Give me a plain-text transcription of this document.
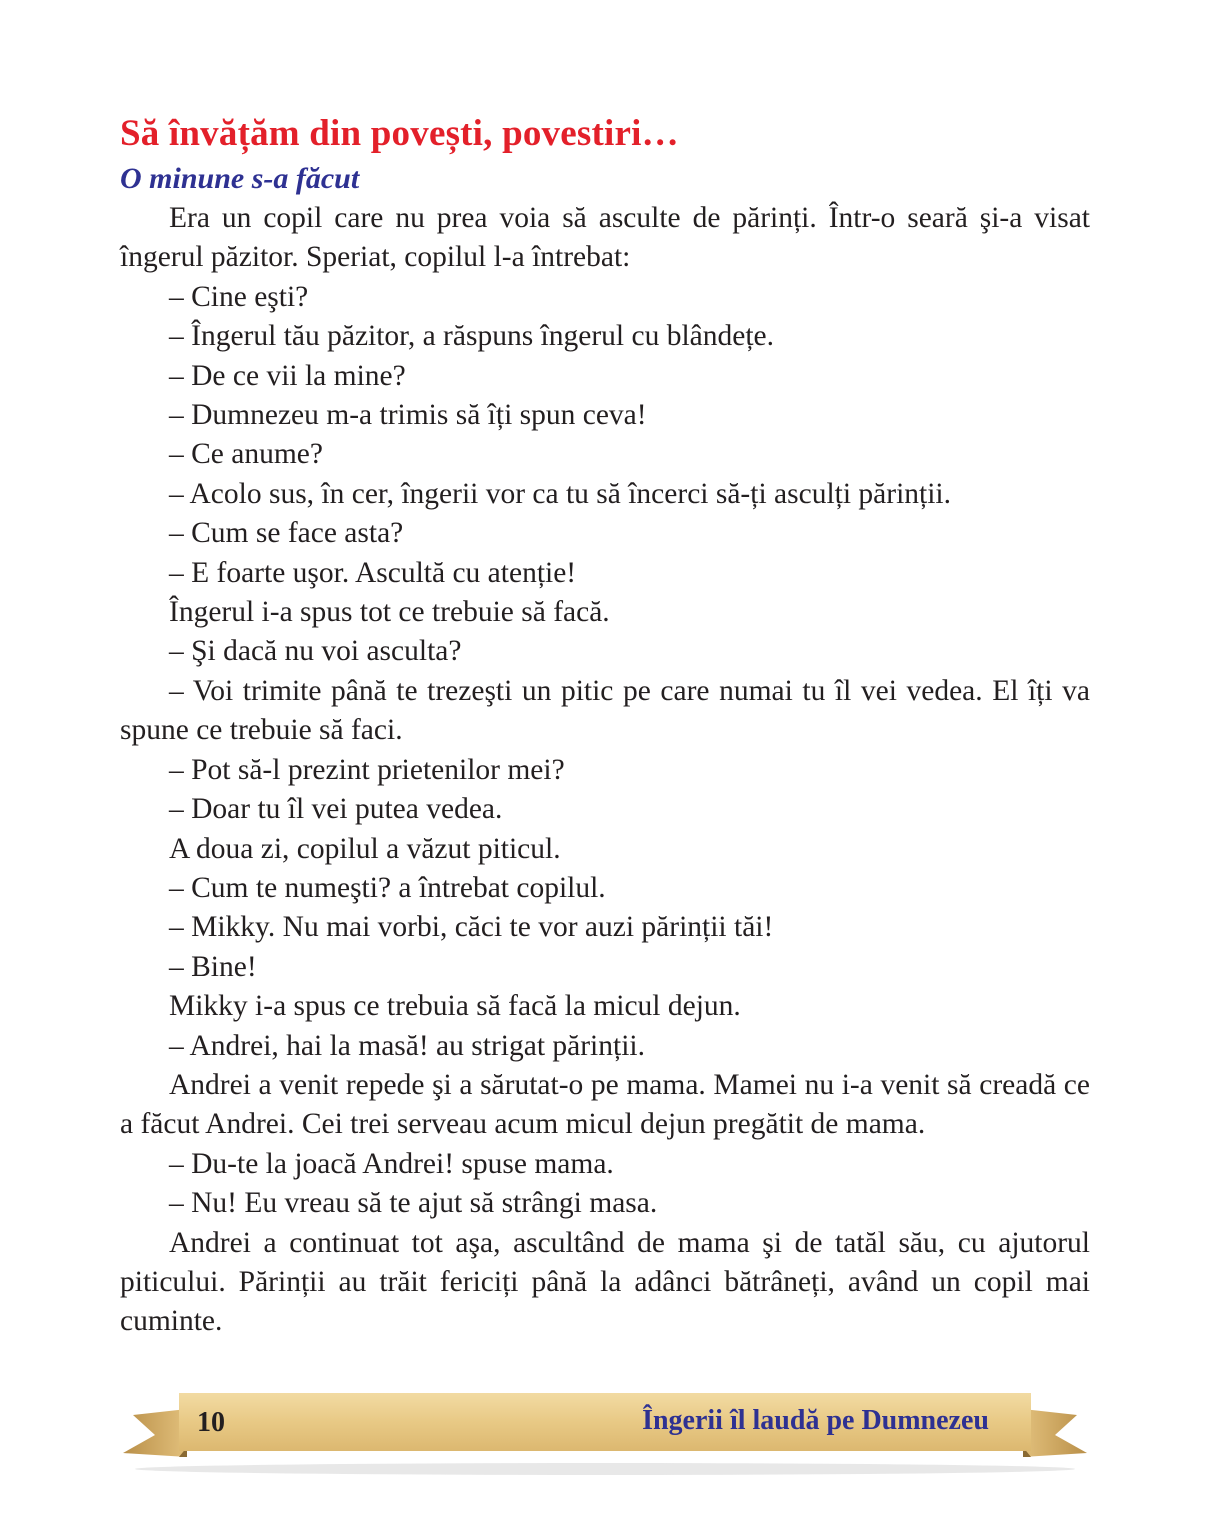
Să învățăm din povești, povestiri…
O minune s-a făcut

Era un copil care nu prea voia să asculte de părinți. Într-o seară şi-a visat îngerul păzitor. Speriat, copilul l-a întrebat:

– Cine eşti?

– Îngerul tău păzitor, a răspuns îngerul cu blândețe.

– De ce vii la mine?

– Dumnezeu m-a trimis să îți spun ceva!

– Ce anume?

– Acolo sus, în cer, îngerii vor ca tu să încerci să-ți asculți părinții.

– Cum se face asta?

– E foarte uşor. Ascultă cu atenție!

Îngerul i-a spus tot ce trebuie să facă.

– Şi dacă nu voi asculta?

– Voi trimite până te trezeşti un pitic pe care numai tu îl vei vedea. El îți va spune ce trebuie să faci.

– Pot să-l prezint prietenilor mei?

– Doar tu îl vei putea vedea.

A doua zi, copilul a văzut piticul.

– Cum te numeşti? a întrebat copilul.

– Mikky. Nu mai vorbi, căci te vor auzi părinții tăi!

– Bine!

Mikky i-a spus ce trebuia să facă la micul dejun.

– Andrei, hai la masă! au strigat părinții.

Andrei a venit repede şi a sărutat-o pe mama. Mamei nu i-a venit să creadă ce a făcut Andrei. Cei trei serveau acum micul dejun pregătit de mama.

– Du-te la joacă Andrei! spuse mama.

– Nu! Eu vreau să te ajut să strângi masa.

Andrei a continuat tot aşa, ascultând de mama şi de tatăl său, cu ajutorul piticului. Părinții au trăit fericiți până la adânci bătrâneți, având un copil mai cuminte.

10	Îngerii îl laudă pe Dumnezeu
